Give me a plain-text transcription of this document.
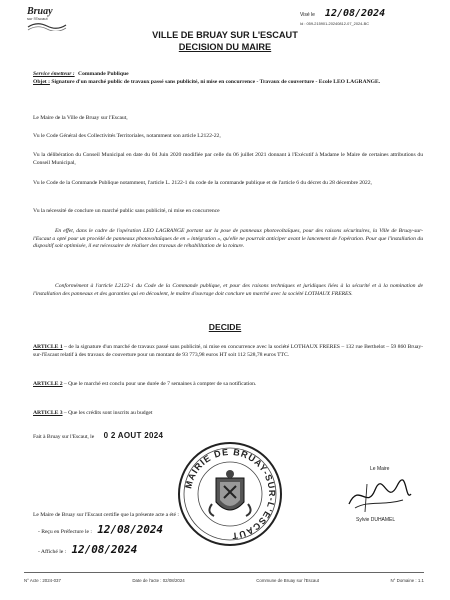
Bruay
sur l'Escaut
Visé le 12/08/2024
Id : 059-215901-20240812-07_2024-BC
VILLE DE BRUAY SUR L'ESCAUT
DECISION DU MAIRE
Service émetteur : Commande Publique
Objet : Signature d'un marché public de travaux passé sans publicité, ni mise en concurrence - Travaux de couverture - Ecole LEO LAGRANGE.
Le Maire de la Ville de Bruay sur l'Escaut,
Vu le Code Général des Collectivités Territoriales, notamment son article L2122-22,
Vu la délibération du Conseil Municipal en date du 04 Juin 2020 modifiée par celle du 06 juillet 2021 donnant à l'Exécutif à Madame le Maire de certaines attributions du Conseil Municipal,
Vu le Code de la Commande Publique notamment, l'article L. 2122-1 du code de la commande publique et de l'article 6 du décret du 28 décembre 2022,
Vu la nécessité de conclure un marché public sans publicité, ni mise en concurrence
En effet, dans le cadre de l'opération LEO LAGRANGE portant sur la pose de panneaux photovoltaïques, pour des raisons sécuritaires, la Ville de Bruay-sur-l'Escaut a opté pour un procédé de panneaux photovoltaïques de en « intégration », qu'elle ne pourrait anticiper avant le lancement de l'opération. Pour que l'installation du dispositif soit optimisée, il est nécessaire de réaliser des travaux de réhabilitation de la toiture.
Conformément à l'article L2122-1 du Code de la Commande publique, et pour des raisons techniques et juridiques liées à la sécurité et à la nomination de l'installation des panneaux et des garanties qui en découlent, le maître d'ouvrage doit conclure un marché avec la société LOTHAUX FRERES.
DECIDE
ARTICLE 1 – de la signature d'un marché de travaux passé sans publicité, ni mise en concurrence avec la société LOTHAUX FRERES – 132 rue Berthelot – 59 860 Bruay-sur-l'Escaut relatif à des travaux de couverture pour un montant de 93 773,98 euros HT soit 112 528,78 euros TTC.
ARTICLE 2 – Que le marché est conclu pour une durée de 7 semaines à compter de sa notification.
ARTICLE 3 – Que les crédits sont inscrits au budget
Fait à Bruay sur l'Escaut, le 0 2 AOUT 2024
MAIRIE DE BRUAY-SUR-L'ESCAUT
Le Maire
Sylvie DUHAMEL
Le Maire de Bruay sur l'Escaut certifie que la présente acte a été :
- Reçu en Préfecture le : 12/08/2024
- Affiché le : 12/08/2024
N° Acte : 2024-037	Date de l'acte : 02/08/2024	Commune de Bruay sur l'Escaut	N° Domaine : 1.1
